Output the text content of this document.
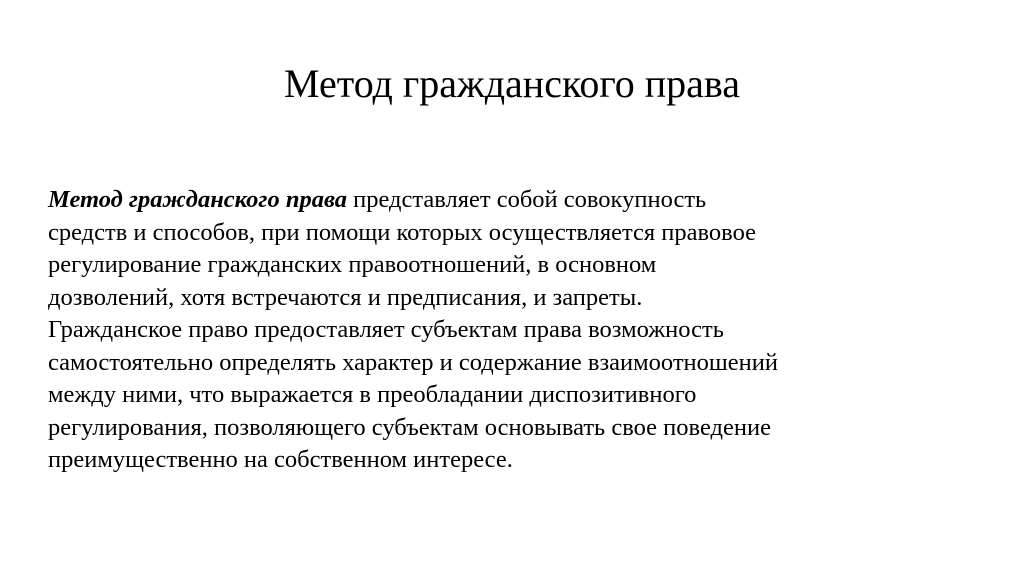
Метод гражданского права

Метод гражданского права представляет собой совокупность

средств и способов, при помощи которых осуществляется правовое

регулирование гражданских правоотношений, в основном

дозволений, хотя встречаются и предписания, и запреты.

Гражданское право предоставляет субъектам права возможность

самостоятельно определять характер и содержание взаимоотношений

между ними, что выражается в преобладании диспозитивного

регулирования, позволяющего субъектам основывать свое поведение

преимущественно на собственном интересе.
